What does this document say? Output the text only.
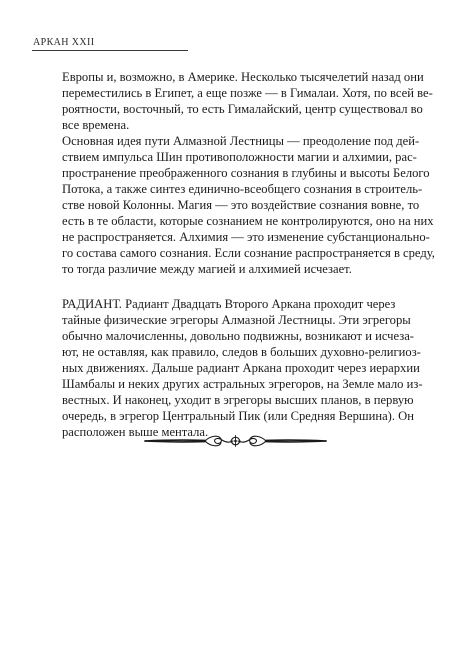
АРКАН XXII
Европы и, возможно, в Америке. Несколько тысячелетий назад они
переместились в Египет, а еще позже — в Гималаи. Хотя, по всей ве-
роятности, восточный, то есть Гималайский, центр существовал во
все времена.
Основная идея пути Алмазной Лестницы — преодоление под дей-
ствием импульса Шин противоположности магии и алхимии, рас-
пространение преображенного сознания в глубины и высоты Белого
Потока, а также синтез единично-всеобщего сознания в строитель-
стве новой Колонны. Магия — это воздействие сознания вовне, то
есть в те области, которые сознанием не контролируются, оно на них
не распространяется. Алхимия — это изменение субстанционально-
го состава самого сознания. Если сознание распространяется в среду,
то тогда различие между магией и алхимией исчезает.
РАДИАНТ. Радиант Двадцать Второго Аркана проходит через
тайные физические эгрегоры Алмазной Лестницы. Эти эгрегоры
обычно малочисленны, довольно подвижны, возникают и исчеза-
ют, не оставляя, как правило, следов в больших духовно-религиоз-
ных движениях. Дальше радиант Аркана проходит через иерархии
Шамбалы и неких других астральных эгрегоров, на Земле мало из-
вестных. И наконец, уходит в эгрегоры высших планов, в первую
очередь, в эгрегор Центральный Пик (или Средняя Вершина). Он
расположен выше ментала.
